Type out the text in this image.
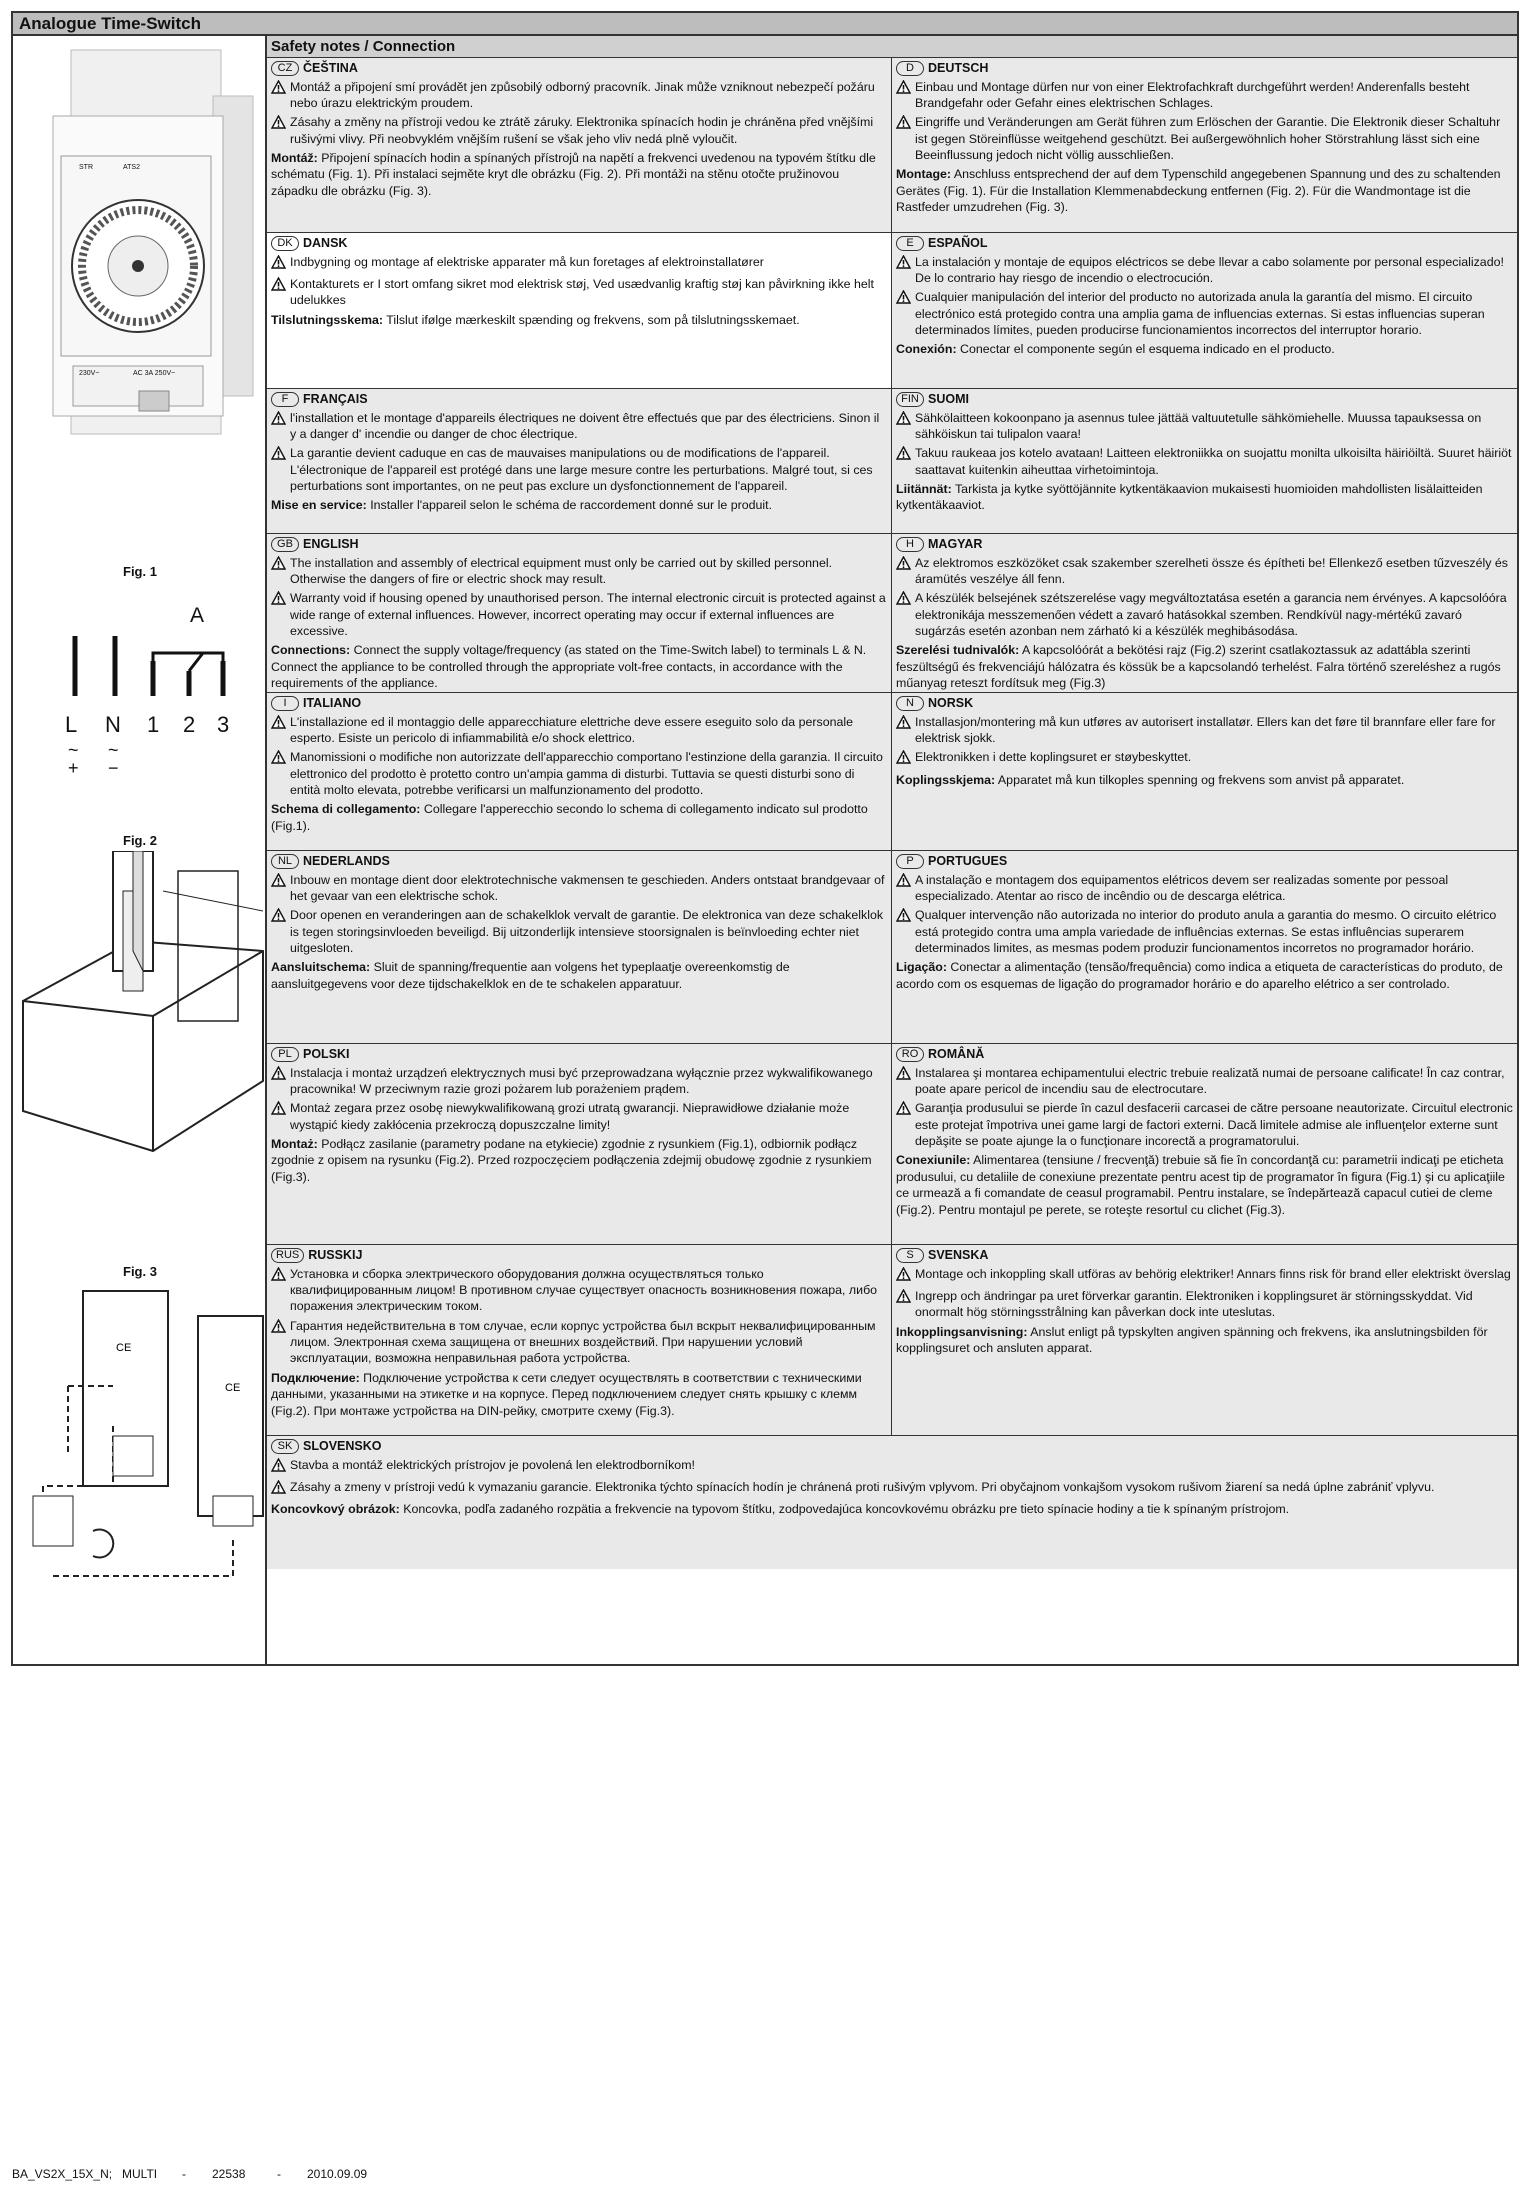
Analogue Time-Switch
STR	ATS2
230V~	AC 3A 250V~
Fig. 1
A
L N 1 2 3
~ ~
+ −
Fig. 2
Fig. 3
CE
CE
Safety notes / Connection
CZ ČEŠTINA
Montáž a připojení smí provádět jen způsobilý odborný pracovník. Jinak může vzniknout nebezpečí požáru nebo úrazu elektrickým proudem.
Zásahy a změny na přístroji vedou ke ztrátě záruky. Elektronika spínacích hodin je chráněna před vnějšími rušivými vlivy. Při neobvyklém vnějším rušení se však jeho vliv nedá plně vyloučit.
Montáž: Připojení spínacích hodin a spínaných přístrojů na napětí a frekvenci uvedenou na typovém štítku dle schématu (Fig. 1). Při instalaci sejměte kryt dle obrázku (Fig. 2). Při montáži na stěnu otočte pružinovou západku dle obrázku (Fig. 3).
D	DEUTSCH
Einbau und Montage dürfen nur von einer Elektrofachkraft durchgeführt werden! Anderenfalls besteht Brandgefahr oder Gefahr eines elektrischen Schlages.
Eingriffe und Veränderungen am Gerät führen zum Erlöschen der Garantie. Die Elektronik dieser Schaltuhr ist gegen Störeinflüsse weitgehend geschützt. Bei außergewöhnlich hoher Störstrahlung lässt sich eine Beeinflussung jedoch nicht völlig ausschließen.
Montage: Anschluss entsprechend der auf dem Typenschild angegebenen Spannung und des zu schaltenden Gerätes (Fig. 1). Für die Installation Klemmenabdeckung entfernen (Fig. 2). Für die Wandmontage ist die Rastfeder umzudrehen (Fig. 3).
DK DANSK
Indbygning og montage af elektriske apparater må kun foretages af elektroinstallatører
Kontakturets er I stort omfang sikret mod elektrisk støj, Ved usædvanlig kraftig støj kan påvirkning ikke helt udelukkes
Tilslutningsskema: Tilslut ifølge mærkeskilt spænding og frekvens, som på tilslutningsskemaet.
E	ESPAÑOL
La instalación y montaje de equipos eléctricos se debe llevar a cabo solamente por personal especializado! De lo contrario hay riesgo de incendio o electrocución.
Cualquier manipulación del interior del producto no autorizada anula la garantía del mismo. El circuito electrónico está protegido contra una amplia gama de influencias externas. Si estas influencias superan determinados límites, pueden producirse funcionamientos incorrectos del interruptor horario.
Conexión: Conectar el componente según el esquema indicado en el producto.
F	FRANÇAIS
l'installation et le montage d'appareils électriques ne doivent être effectués que par des électriciens. Sinon il y a danger d' incendie ou danger de choc électrique.
La garantie devient caduque en cas de mauvaises manipulations ou de modifications de l'appareil. L'électronique de l'appareil est protégé dans une large mesure contre les perturbations. Malgré tout, si ces perturbations sont importantes, on ne peut pas exclure un dysfonctionnement de l'appareil.
Mise en service: Installer l'appareil selon le schéma de raccordement donné sur le produit.
FIN SUOMI
Sähkölaitteen kokoonpano ja asennus tulee jättää valtuutetulle sähkömiehelle. Muussa tapauksessa on sähköiskun tai tulipalon vaara!
Takuu raukeaa jos kotelo avataan! Laitteen elektroniikka on suojattu monilta ulkoisilta häiriöiltä. Suuret häiriöt saattavat kuitenkin aiheuttaa virhetoimintoja.
Liitännät: Tarkista ja kytke syöttöjännite kytkentäkaavion mukaisesti huomioiden mahdollisten lisälaitteiden kytkentäkaaviot.
GB ENGLISH
The installation and assembly of electrical equipment must only be carried out by skilled personnel. Otherwise the dangers of fire or electric shock may result.
Warranty void if housing opened by unauthorised person. The internal electronic circuit is protected against a wide range of external influences. However, incorrect operating may occur if external influences are excessive.
Connections: Connect the supply voltage/frequency (as stated on the Time-Switch label) to terminals L & N. Connect the appliance to be controlled through the appropriate volt-free contacts, in accordance with the requirements of the appliance.
H	MAGYAR
Az elektromos eszközöket csak szakember szerelheti össze és építheti be! Ellenkező esetben tűzveszély és áramütés veszélye áll fenn.
A készülék belsejének szétszerelése vagy megváltoztatása esetén a garancia nem érvényes. A kapcsolóóra elektronikája messzemenően védett a zavaró hatásokkal szemben. Rendkívül nagy-mértékű zavaró sugárzás esetén azonban nem zárható ki a készülék meghibásodása.
Szerelési tudnivalók: A kapcsolóórát a bekötési rajz (Fig.2) szerint csatlakoztassuk az adattábla szerinti feszültségű és frekvenciájú hálózatra és kössük be a kapcsolandó terhelést. Falra történő szereléshez a rugós műanyag reteszt fordítsuk meg (Fig.3)
I	ITALIANO
L'installazione ed il montaggio delle apparecchiature elettriche deve essere eseguito solo da personale esperto. Esiste un pericolo di infiammabilità e/o shock elettrico.
Manomissioni o modifiche non autorizzate dell'apparecchio comportano l'estinzione della garanzia. Il circuito elettronico del prodotto è protetto contro un'ampia gamma di disturbi. Tuttavia se questi disturbi sono di entità molto elevata, potrebbe verificarsi un malfunzionamento del prodotto.
Schema di collegamento: Collegare l'apperecchio secondo lo schema di collegamento indicato sul prodotto (Fig.1).
N	NORSK
Installasjon/montering må kun utføres av autorisert installatør. Ellers kan det føre til brannfare eller fare for elektrisk sjokk.
Elektronikken i dette koplingsuret er støybeskyttet.
Koplingsskjema: Apparatet må kun tilkoples spenning og frekvens som anvist på apparatet.
NL NEDERLANDS
Inbouw en montage dient door elektrotechnische vakmensen te geschieden. Anders ontstaat brandgevaar of het gevaar van een elektrische schok.
Door openen en veranderingen aan de schakelklok vervalt de garantie. De elektronica van deze schakelklok is tegen storingsinvloeden beveiligd. Bij uitzonderlijk intensieve stoorsignalen is beïnvloeding echter niet uitgesloten.
Aansluitschema: Sluit de spanning/frequentie aan volgens het typeplaatje overeenkomstig de aansluitgegevens voor deze tijdschakelklok en de te schakelen apparatuur.
P	PORTUGUES
A instalação e montagem dos equipamentos elétricos devem ser realizadas somente por pessoal especializado. Atentar ao risco de incêndio ou de descarga elétrica.
Qualquer intervenção não autorizada no interior do produto anula a garantia do mesmo. O circuito elétrico está protegido contra uma ampla variedade de influências externas. Se estas influências superarem determinados limites, as mesmas podem produzir funcionamentos incorretos no programador horário.
Ligação: Conectar a alimentação (tensão/frequência) como indica a etiqueta de características do produto, de acordo com os esquemas de ligação do programador horário e do aparelho elétrico a ser controlado.
PL POLSKI
Instalacja i montaż urządzeń elektrycznych musi być przeprowadzana wyłącznie przez wykwalifikowanego pracownika! W przeciwnym razie grozi pożarem lub porażeniem prądem.
Montaż zegara przez osobę niewykwalifikowaną grozi utratą gwarancji. Nieprawidłowe działanie może wystąpić kiedy zakłócenia przekroczą dopuszczalne limity!
Montaż: Podłącz zasilanie (parametry podane na etykiecie) zgodnie z rysunkiem (Fig.1), odbiornik podłącz zgodnie z opisem na rysunku (Fig.2). Przed rozpoczęciem podłączenia zdejmij obudowę zgodnie z rysunkiem (Fig.3).
RO ROMÂNĂ
Instalarea şi montarea echipamentului electric trebuie realizată numai de persoane calificate! În caz contrar, poate apare pericol de incendiu sau de electrocutare.
Garanţia produsului se pierde în cazul desfacerii carcasei de către persoane neautorizate. Circuitul electronic este protejat împotriva unei game largi de factori externi. Dacă limitele admise ale influenţelor externe sunt depăşite se poate ajunge la o funcţionare incorectă a programatorului.
Conexiunile: Alimentarea (tensiune / frecvenţă) trebuie să fie în concordanţă cu: parametrii indicaţi pe eticheta produsului, cu detaliile de conexiune prezentate pentru acest tip de programator în figura (Fig.1) şi cu aplicaţiile ce urmează a fi comandate de ceasul programabil. Pentru instalare, se îndepărtează capacul cutiei de cleme (Fig.2). Pentru montajul pe perete, se roteşte resortul cu clichet (Fig.3).
RUS RUSSKIJ
Установка и сборка электрического оборудования должна осуществляться только квалифицированным лицом! В противном случае существует опасность возникновения пожара, либо поражения электрическим током.
Гарантия недействительна в том случае, если корпус устройства был вскрыт неквалифицированным лицом. Электронная схема защищена от внешних воздействий. При нарушении условий эксплуатации, возможна неправильная работа устройства.
Подключение: Подключение устройства к сети следует осуществлять в соответствии с техническими данными, указанными на этикетке и на корпусе. Перед подключением следует снять крышку с клемм (Fig.2). При монтаже устройства на DIN-рейку, смотрите схему (Fig.3).
S	SVENSKA
Montage och inkoppling skall utföras av behörig elektriker! Annars finns risk för brand eller elektriskt överslag
Ingrepp och ändringar pa uret förverkar garantin. Elektroniken i kopplingsuret är störningsskyddat. Vid onormalt hög störningsstrålning kan påverkan dock inte uteslutas.
Inkopplingsanvisning: Anslut enligt på typskylten angiven spänning och frekvens, ika anslutningsbilden för kopplingsuret och ansluten apparat.
SK SLOVENSKO
Stavba a montáž elektrických prístrojov je povolená len elektrodborníkom!
Zásahy a zmeny v prístroji vedú k vymazaniu garancie. Elektronika týchto spínacích hodín je chránená proti rušivým vplyvom. Pri obyčajnom vonkajšom vysokom rušivom žiarení sa nedá úplne zabrániť vplyvu.
Koncovkový obrázok: Koncovka, podľa zadaného rozpätia a frekvencie na typovom štítku, zodpovedajúca koncovkovému obrázku pre tieto spínacie hodiny a tie k spínaným prístrojom.
BA_VS2X_15X_N; MULTI	-	22538	-	2010.09.09
